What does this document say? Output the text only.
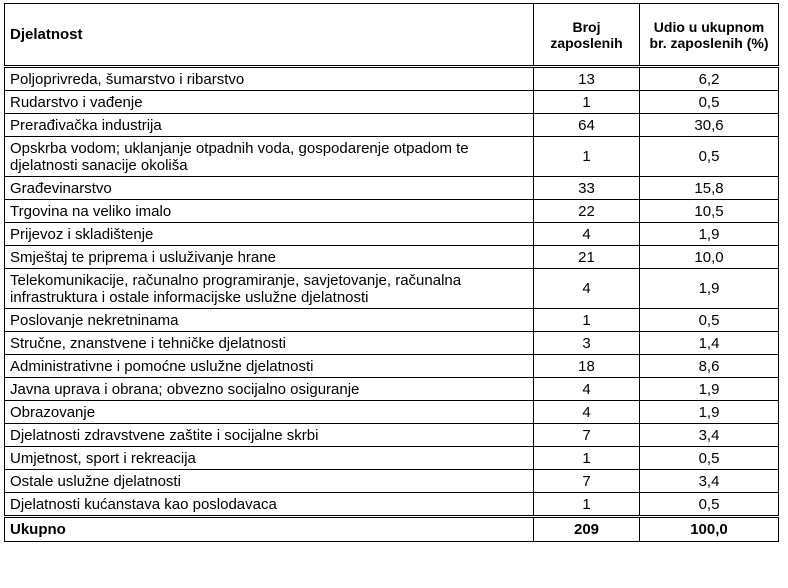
Djelatnost	Broj zaposlenih	Udio u ukupnom br. zaposlenih (%)
Poljoprivreda, šumarstvo i ribarstvo	13	6,2
Rudarstvo i vađenje	1	0,5
Prerađivačka industrija	64	30,6
Opskrba vodom; uklanjanje otpadnih voda, gospodarenje otpadom te djelatnosti sanacije okoliša	1	0,5
Građevinarstvo	33	15,8
Trgovina na veliko imalo	22	10,5
Prijevoz i skladištenje	4	1,9
Smještaj te priprema i usluživanje hrane	21	10,0
Telekomunikacije, računalno programiranje, savjetovanje, računalna infrastruktura i ostale informacijske uslužne djelatnosti	4	1,9
Poslovanje nekretninama	1	0,5
Stručne, znanstvene i tehničke djelatnosti	3	1,4
Administrativne i pomoćne uslužne djelatnosti	18	8,6
Javna uprava i obrana; obvezno socijalno osiguranje	4	1,9
Obrazovanje	4	1,9
Djelatnosti zdravstvene zaštite i socijalne skrbi	7	3,4
Umjetnost, sport i rekreacija	1	0,5
Ostale uslužne djelatnosti	7	3,4
Djelatnosti kućanstava kao poslodavaca	1	0,5
Ukupno	209	100,0
